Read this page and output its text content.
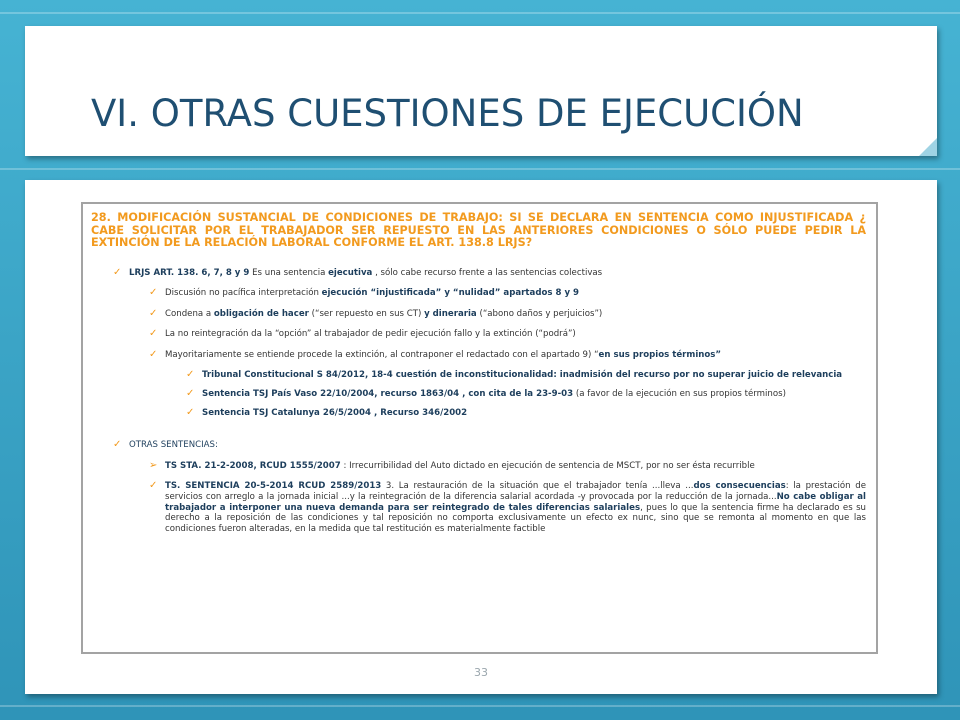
VI. OTRAS CUESTIONES DE EJECUCIÓN
28. MODIFICACIÓN SUSTANCIAL DE CONDICIONES DE TRABAJO: SI SE DECLARA EN SENTENCIA COMO INJUSTIFICADA ¿ CABE SOLICITAR POR EL TRABAJADOR SER REPUESTO EN LAS ANTERIORES CONDICIONES O SÓLO PUEDE PEDIR LA EXTINCIÓN DE LA RELACIÓN LABORAL CONFORME EL ART. 138.8 LRJS?
✓ LRJS ART. 138. 6, 7, 8 y 9 Es una sentencia ejecutiva , sólo cabe recurso frente a las sentencias colectivas
✓ Discusión no pacífica interpretación ejecución “injustificada” y “nulidad” apartados 8 y 9
✓ Condena a obligación de hacer (“ser repuesto en sus CT) y dineraria (“abono daños y perjuicios”)
✓ La no reintegración da la “opción” al trabajador de pedir ejecución fallo y la extinción (“podrá”)
✓ Mayoritariamente se entiende procede la extinción, al contraponer el redactado con el apartado 9) “en sus propios términos”
✓ Tribunal Constitucional S 84/2012, 18-4 cuestión de inconstitucionalidad: inadmisión del recurso por no superar juicio de relevancia
✓ Sentencia TSJ País Vaso 22/10/2004, recurso 1863/04 , con cita de la 23-9-03 (a favor de la ejecución en sus propios términos)
✓ Sentencia TSJ Catalunya 26/5/2004 , Recurso 346/2002
✓ OTRAS SENTENCIAS:
➢ TS STA. 21-2-2008, RCUD 1555/2007 : Irrecurribilidad del Auto dictado en ejecución de sentencia de MSCT, por no ser ésta recurrible
✓ TS. SENTENCIA 20-5-2014 RCUD 2589/2013 3. La restauración de la situación que el trabajador tenía ...lleva ...dos consecuencias: la prestación de servicios con arreglo a la jornada inicial ...y la reintegración de la diferencia salarial acordada -y provocada por la reducción de la jornada...No cabe obligar al trabajador a interponer una nueva demanda para ser reintegrado de tales diferencias salariales, pues lo que la sentencia firme ha declarado es su derecho a la reposición de las condiciones y tal reposición no comporta exclusivamente un efecto ex nunc, sino que se remonta al momento en que las condiciones fueron alteradas, en la medida que tal restitución es materialmente factible
33
